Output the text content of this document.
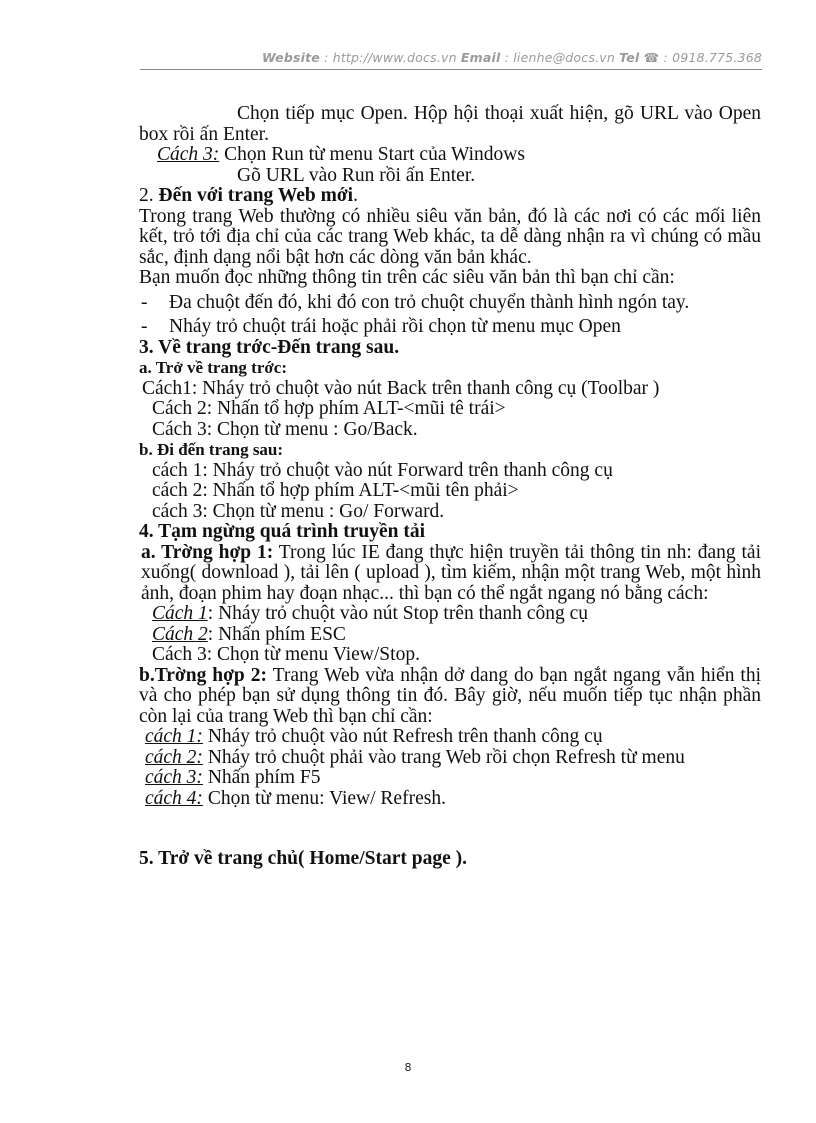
Website : http://www.docs.vn Email : lienhe@docs.vn Tel ☎ : 0918.775.368

Chọn tiếp mục Open. Hộp hội thoại xuất hiện, gõ URL vào Open box rồi ấn Enter.

Cách 3: Chọn Run từ menu Start của Windows

Gõ URL vào Run rồi ấn Enter.

2. Đến với trang Web mới.

Trong trang Web thường có nhiều siêu văn bản, đó là các nơi có các mối liên kết, trỏ tới địa chỉ của các trang Web khác, ta dễ dàng nhận ra vì chúng có mầu sắc, định dạng nổi bật hơn các dòng văn bản khác.

Bạn muốn đọc những thông tin trên các siêu văn bản thì bạn chỉ cần:

-	Đa chuột đến đó, khi đó con trỏ chuột chuyển thành hình ngón tay.
-	Nháy trỏ chuột trái hoặc phải rồi chọn từ menu mục Open

3. Về trang trớc-Đến trang sau.

a. Trở về trang trớc:

Cách1: Nháy trỏ chuột vào nút Back trên thanh công cụ (Toolbar )

Cách 2: Nhấn tổ hợp phím ALT-<mũi tê trái>

Cách 3: Chọn từ menu : Go/Back.

b. Đi đến trang sau:

cách 1: Nháy trỏ chuột vào nút Forward trên thanh công cụ

cách 2: Nhấn tổ hợp phím ALT-<mũi tên phải>

cách 3: Chọn từ menu : Go/ Forward.

4. Tạm ngừng quá trình truyền tải

a. Trờng hợp 1: Trong lúc IE đang thực hiện truyền tải thông tin nh: đang tải xuống( download ), tải lên ( upload ), tìm kiếm, nhận một trang Web, một hình ảnh, đoạn phim hay đoạn nhạc... thì bạn có thể ngắt ngang nó bằng cách:

Cách 1: Nháy trỏ chuột vào nút Stop trên thanh công cụ

Cách 2: Nhấn phím ESC

Cách 3: Chọn từ menu View/Stop.

b.Trờng hợp 2: Trang Web vừa nhận dở dang do bạn ngắt ngang vẫn hiển thị và cho phép bạn sử dụng thông tin đó. Bây giờ, nếu muốn tiếp tục nhận phần còn lại của trang Web thì bạn chỉ cần:

cách 1: Nháy trỏ chuột vào nút Refresh trên thanh công cụ

cách 2: Nháy trỏ chuột phải vào trang Web rồi chọn Refresh từ menu

cách 3: Nhấn phím F5

cách 4: Chọn từ menu: View/ Refresh.

5. Trở về trang chủ( Home/Start page ).

8
